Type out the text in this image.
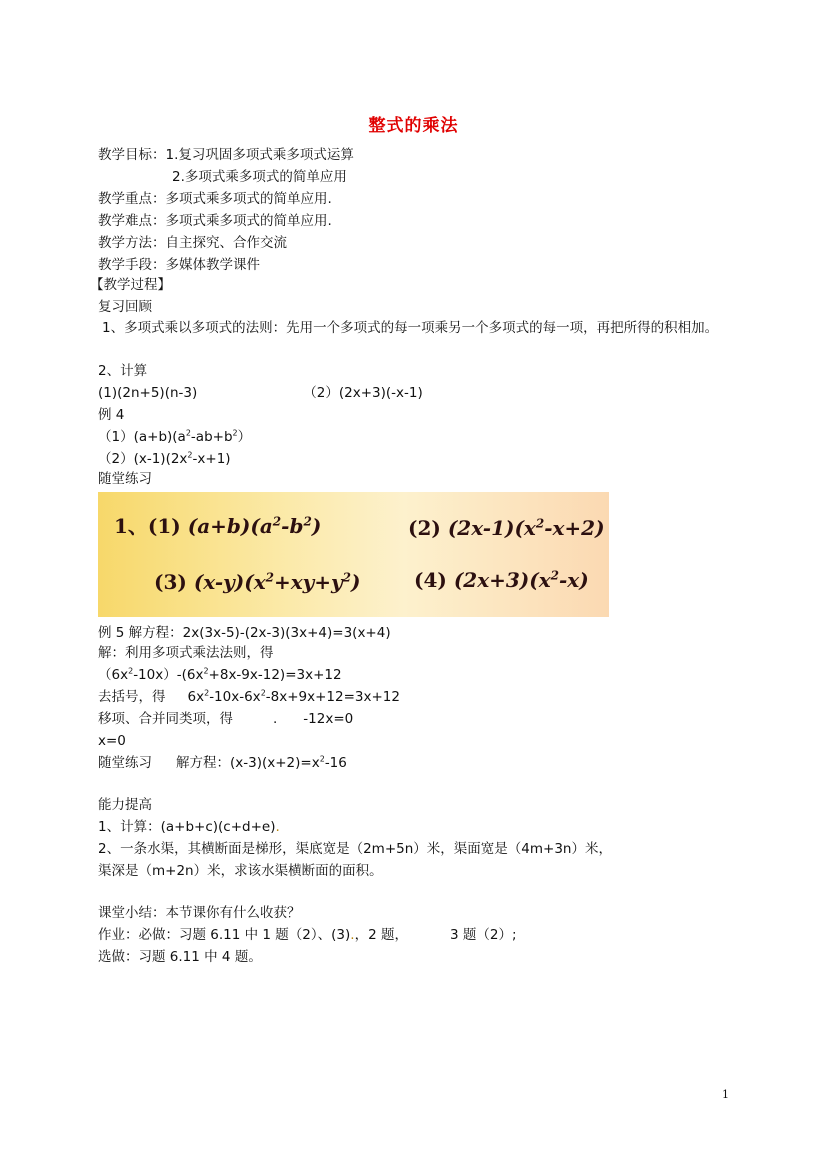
整式的乘法
教学目标：1.复习巩固多项式乘多项式运算
2.多项式乘多项式的简单应用
教学重点：多项式乘多项式的简单应用.
教学难点：多项式乘多项式的简单应用.
教学方法：自主探究、合作交流
教学手段：多媒体教学课件
【教学过程】
复习回顾
1、多项式乘以多项式的法则：先用一个多项式的每一项乘另一个多项式的每一项，再把所得的积相加。
2、计算
(1)(2n+5)(n-3)	（2）(2x+3)(-x-1)
例 4
$(1)(a+b)(a^2-ab+b^2)$
$(2)(x-1)(2x^2-x+1)$
随堂练习
1、(1) $(a+b)(a^2-b^2)$	(2) $(2x-1)(x^2-x+2)$
(3) $(x-y)(x^2+xy+y^2)$	(4) $(2x+3)(x^2-x)$
例 5 解方程：2x(3x-5)-(2x-3)(3x+4)=3(x+4)
解：利用多项式乘法法则，得
$(6x^2-10x)-(6x^2+8x-9x-12)=3x+12$
去括号，得 $6x^2-10x-6x^2-8x+9x+12=3x+12$
移项、合并同类项，得	. -12x=0
x=0
随堂练习 解方程：$(x-3)(x+2)=x^2-16$
能力提高
1、计算：(a+b+c)(c+d+e).
2、一条水渠，其横断面是梯形，渠底宽是（2m+5n）米，渠面宽是（4m+3n）米，
渠深是（m+2n）米，求该水渠横断面的面积。
课堂小结：本节课你有什么收获？
作业：必做：习题 6.11 中 1 题（2）、(3).，2 题，	3 题（2）;
选做：习题 6.11 中 4 题。
1
